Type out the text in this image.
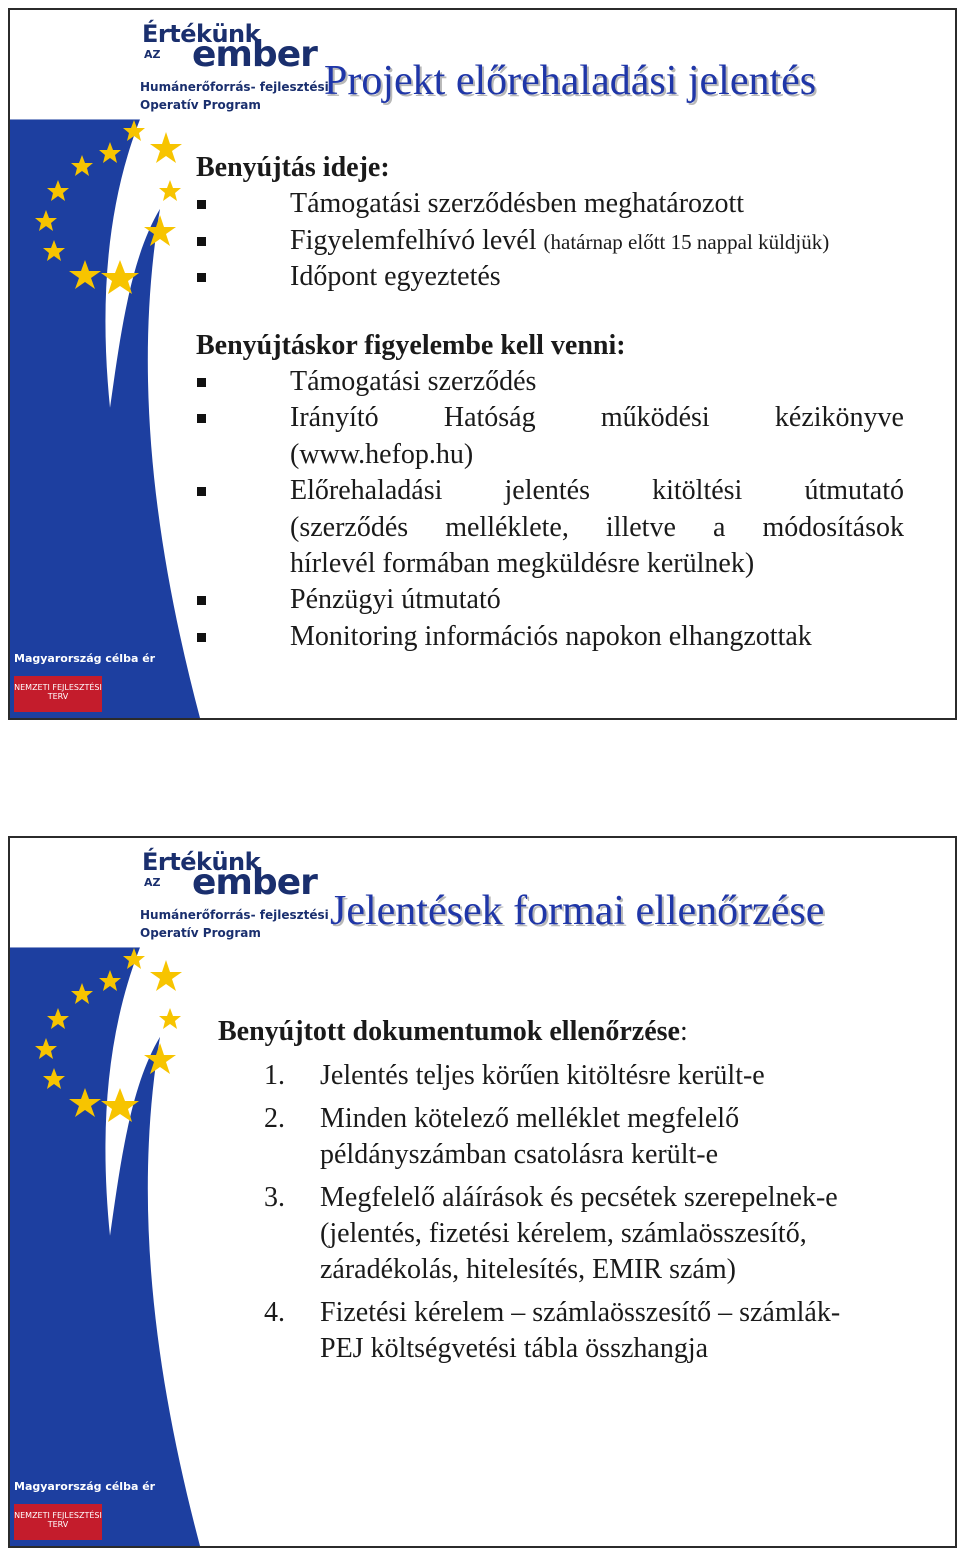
Értékünk
AZ ember
Humánerőforrás- fejlesztési
Operatív Program
Projekt előrehaladási jelentés
Benyújtás ideje:
Támogatási szerződésben meghatározott
Figyelemfelhívó levél (határnap előtt 15 nappal küldjük)
Időpont egyeztetés
Benyújtáskor figyelembe kell venni:
Támogatási szerződés
Irányító Hatóság működési kézikönyve
(www.hefop.hu)
Előrehaladási jelentés kitöltési útmutató
(szerződés melléklete, illetve a módosítások
hírlevél formában megküldésre kerülnek)
Pénzügyi útmutató
Monitoring információs napokon elhangzottak
Magyarország célba ér
NEMZETI FEJLESZTÉSI TERV
Értékünk
AZ ember
Humánerőforrás- fejlesztési
Operatív Program Jelentések formai ellenőrzése
Benyújtott dokumentumok ellenőrzése:
1. Jelentés teljes körűen kitöltésre került-e
2. Minden kötelező melléklet megfelelő
példányszámban csatolásra került-e
3. Megfelelő aláírások és pecsétek szerepelnek-e
(jelentés, fizetési kérelem, számlaösszesítő,
záradékolás, hitelesítés, EMIR szám)
4. Fizetési kérelem – számlaösszesítő – számlák-
PEJ költségvetési tábla összhangja
Magyarország célba ér
NEMZETI FEJLESZTÉSI TERV
